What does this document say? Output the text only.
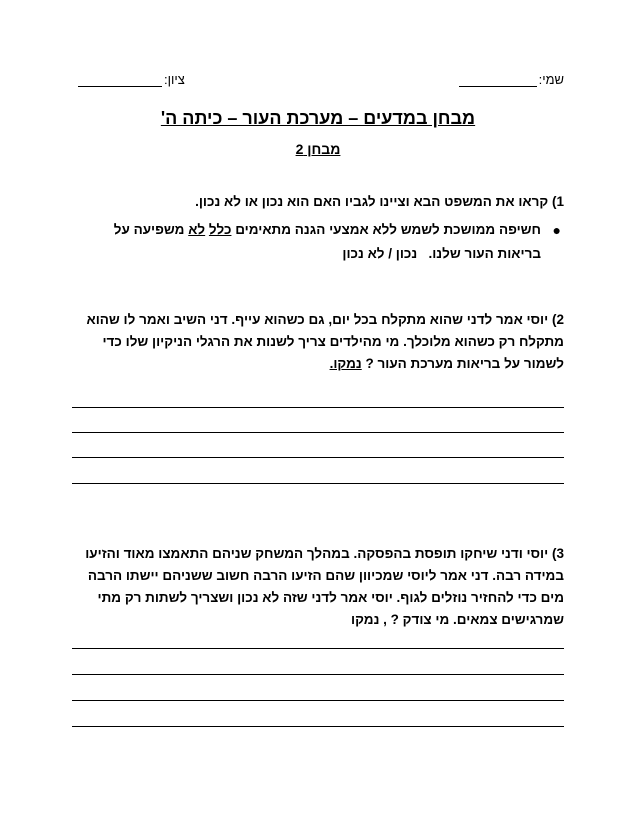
שמי:
ציון:
מבחן במדעים – מערכת העור – כיתה ה'
מבחן 2

1) קראו את המשפט הבא וציינו לגביו האם הוא נכון או לא נכון.

●
חשיפה ממושכת לשמש ללא אמצעי הגנה מתאימים כלל לא משפיעה על
בריאות העור שלנו.   נכון / לא נכון

2) יוסי אמר לדני שהוא מתקלח בכל יום, גם כשהוא עייף. דני השיב ואמר לו שהוא מתקלח רק כשהוא מלוכלך. מי מהילדים צריך לשנות את הרגלי הניקיון שלו כדי לשמור על בריאות מערכת העור ? נמקו.

3) יוסי ודני שיחקו תופסת בהפסקה. במהלך המשחק שניהם התאמצו מאוד והזיעו במידה רבה. דני אמר ליוסי שמכיוון שהם הזיעו הרבה חשוב ששניהם יישתו הרבה מים כדי להחזיר נוזלים לגוף. יוסי אמר לדני שזה לא נכון ושצריך לשתות רק מתי שמרגישים צמאים. מי צודק ? , נמקו
